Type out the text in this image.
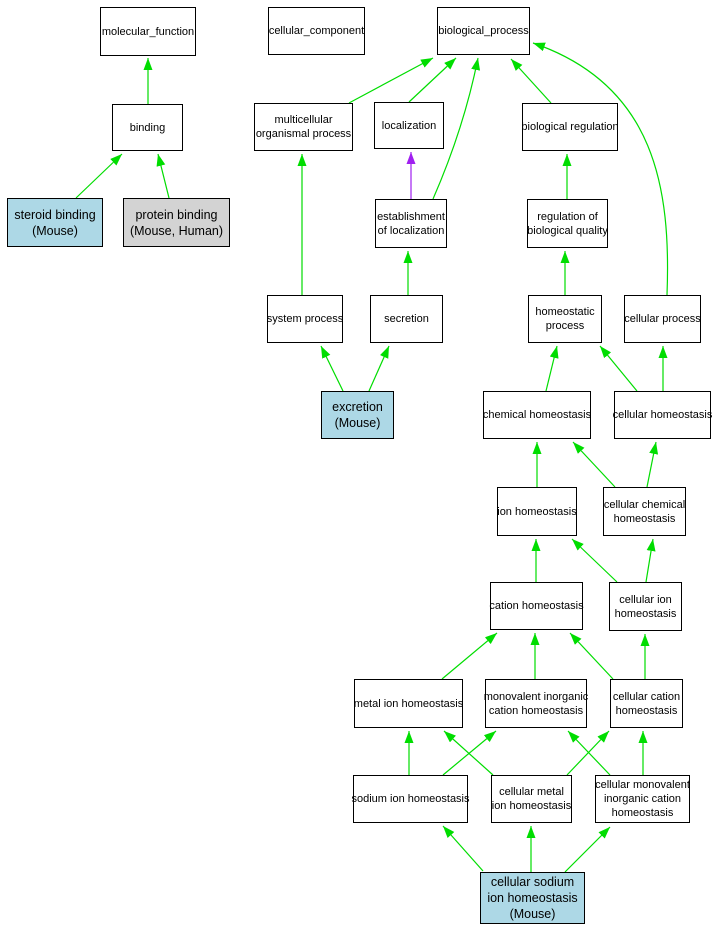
molecular_function	cellular_component	biological_process
binding
multicellular
organismal process
localization	biological regulation
establishment
of localization
regulation of
biological quality
steroid binding
(Mouse)
protein binding
(Mouse, Human)
system process	secretion
homeostatic
process
cellular process
excretion
(Mouse)
chemical homeostasis cellular homeostasis
ion homeostasis
cellular chemical
homeostasis
cation homeostasis
cellular ion
homeostasis
metal ion homeostasis
monovalent inorganic
cation homeostasis
cellular cation
homeostasis
sodium ion homeostasis
cellular metal
ion homeostasis
cellular monovalent
inorganic cation
homeostasis
cellular sodium
ion homeostasis
(Mouse)
